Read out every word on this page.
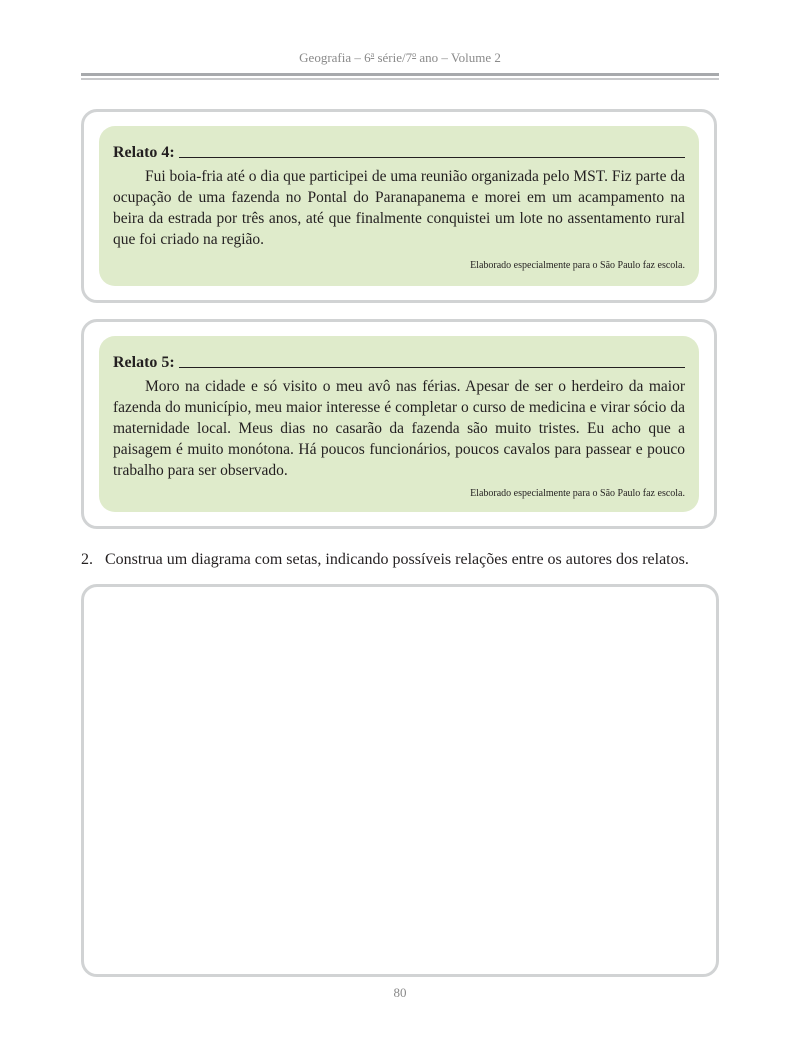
Geografia – 6$^a$ série/7$^o$ ano – Volume 2
Relato 4:

Fui boia-fria até o dia que participei de uma reunião organizada pelo MST. Fiz parte da ocupação de uma fazenda no Pontal do Paranapanema e morei em um acampamento na beira da estrada por três anos, até que finalmente conquistei um lote no assentamento rural que foi criado na região.

Elaborado especialmente para o São Paulo faz escola.
Relato 5:

Moro na cidade e só visito o meu avô nas férias. Apesar de ser o herdeiro da maior fazenda do município, meu maior interesse é completar o curso de medicina e virar sócio da maternidade local. Meus dias no casarão da fazenda são muito tristes. Eu acho que a paisagem é muito monótona. Há poucos funcionários, poucos cavalos para passear e pouco trabalho para ser observado.

Elaborado especialmente para o São Paulo faz escola.
2. Construa um diagrama com setas, indicando possíveis relações entre os autores dos relatos.
80
